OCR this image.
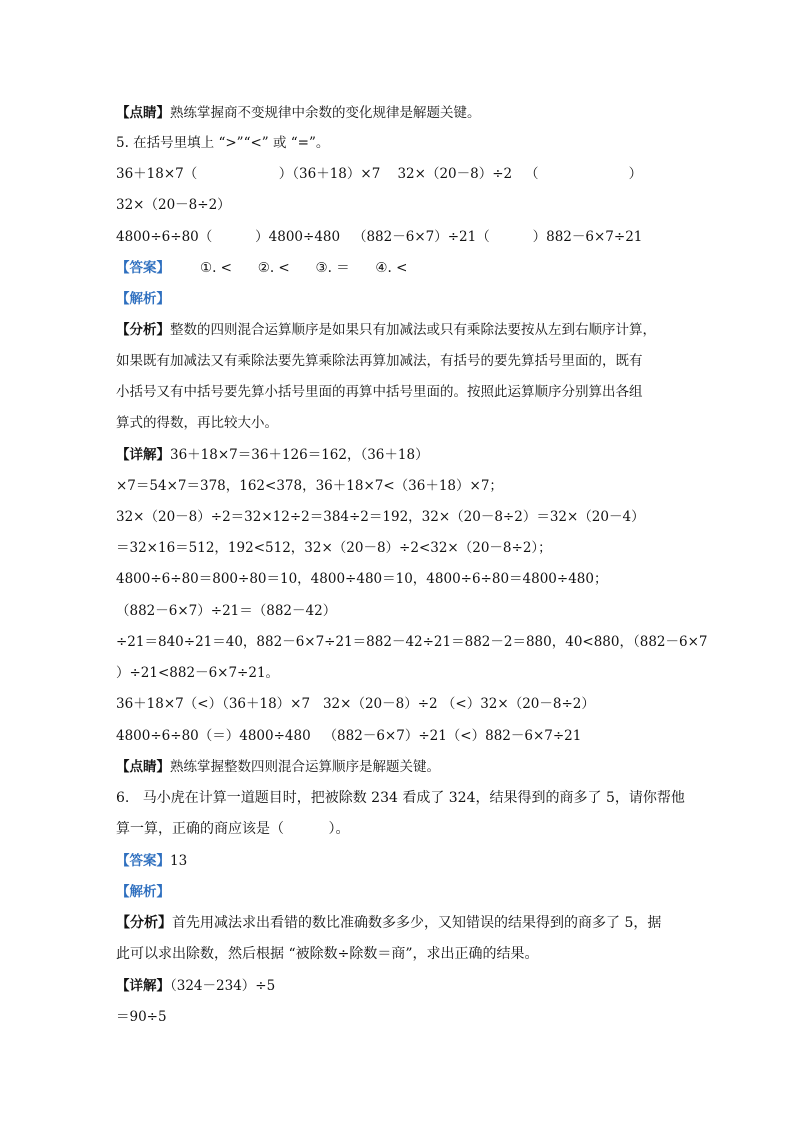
【点睛】熟练掌握商不变规律中余数的变化规律是解题关键。
5. 在括号里填上 “>”“<” 或 “=”。
36＋18×7（                   ）（36＋18）×7    32×（20－8）÷2   （                     ）
32×（20－8÷2）
4800÷6÷80（          ）4800÷480   （882－6×7）÷21（          ）882－6×7÷21
【答案】 ①. <      ②. <      ③. ＝      ④. <
【解析】
【分析】整数的四则混合运算顺序是如果只有加减法或只有乘除法要按从左到右顺序计算，
如果既有加减法又有乘除法要先算乘除法再算加减法，有括号的要先算括号里面的，既有
小括号又有中括号要先算小括号里面的再算中括号里面的。按照此运算顺序分别算出各组
算式的得数，再比较大小。
【详解】36＋18×7＝36＋126＝162，（36＋18）
×7＝54×7＝378，162<378，36＋18×7<（36＋18）×7；
32×（20－8）÷2＝32×12÷2＝384÷2＝192，32×（20－8÷2）＝32×（20－4）
＝32×16＝512，192<512，32×（20－8）÷2<32×（20－8÷2）；
4800÷6÷80＝800÷80＝10，4800÷480＝10，4800÷6÷80＝4800÷480；
（882－6×7）÷21＝（882－42）
÷21＝840÷21＝40，882－6×7÷21＝882－42÷21＝882－2＝880，40<880，（882－6×7
）÷21<882－6×7÷21。
36＋18×7（<）（36＋18）×7   32×（20－8）÷2 （<）32×（20－8÷2）
4800÷6÷80（＝）4800÷480   （882－6×7）÷21（<）882－6×7÷21
【点睛】熟练掌握整数四则混合运算顺序是解题关键。
6.   马小虎在计算一道题目时，把被除数 234 看成了 324，结果得到的商多了 5，请你帮他
算一算，正确的商应该是（          ）。
【答案】13
【解析】
【分析】首先用减法求出看错的数比准确数多多少，又知错误的结果得到的商多了 5，据
此可以求出除数，然后根据 “被除数÷除数＝商”，求出正确的结果。
【详解】（324－234）÷5
＝90÷5
